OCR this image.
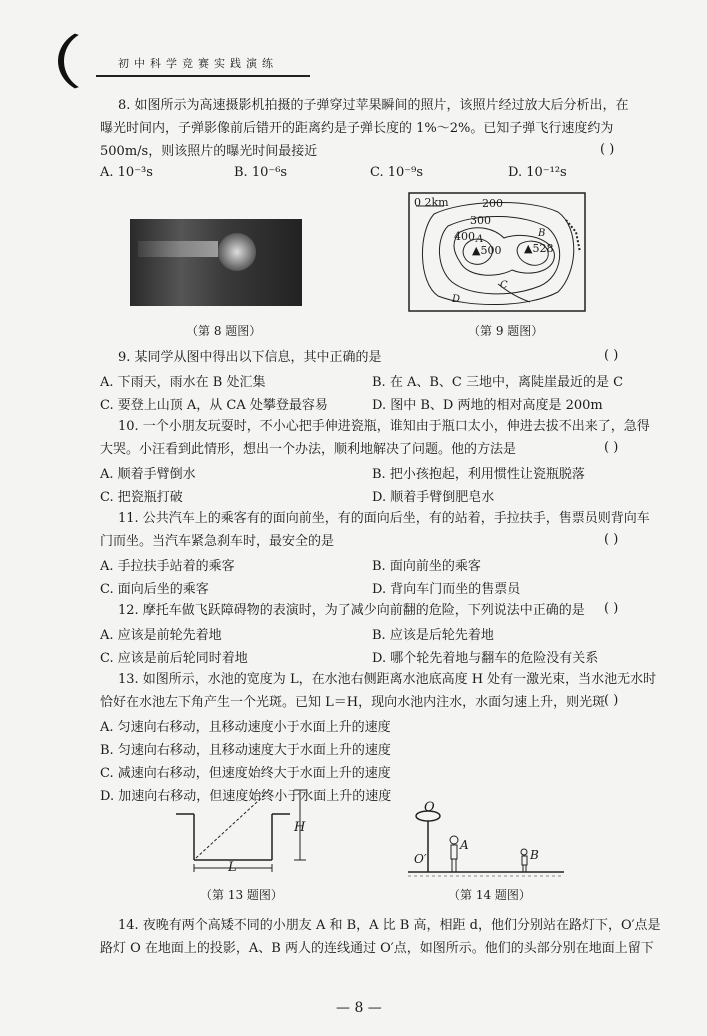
初中科学竞赛实践演练
8. 如图所示为高速摄影机拍摄的子弹穿过苹果瞬间的照片，该照片经过放大后分析出，在
曝光时间内，子弹影像前后错开的距离约是子弹长度的 1%～2%。已知子弹飞行速度约为
500m/s，则该照片的曝光时间最接近	( )
A. 10⁻³s	B. 10⁻⁶s	C. 10⁻⁹s	D. 10⁻¹²s
（第 8 题图）
0 2km	200
300
400
▲500 ▲528
A
B
C
D
（第 9 题图）
9. 某同学从图中得出以下信息，其中正确的是	( )
A. 下雨天，雨水在 B 处汇集	B. 在 A、B、C 三地中，离陡崖最近的是 C
C. 要登上山顶 A，从 CA 处攀登最容易	D. 图中 B、D 两地的相对高度是 200m
10. 一个小朋友玩耍时，不小心把手伸进瓷瓶，谁知由于瓶口太小，伸进去拔不出来了，急得
大哭。小汪看到此情形，想出一个办法，顺利地解决了问题。他的方法是	( )
A. 顺着手臂倒水	B. 把小孩抱起，利用惯性让瓷瓶脱落
C. 把瓷瓶打破	D. 顺着手臂倒肥皂水
11. 公共汽车上的乘客有的面向前坐，有的面向后坐，有的站着，手拉扶手，售票员则背向车
门而坐。当汽车紧急刹车时，最安全的是	( )
A. 手拉扶手站着的乘客	B. 面向前坐的乘客
C. 面向后坐的乘客	D. 背向车门而坐的售票员
12. 摩托车做飞跃障碍物的表演时，为了减少向前翻的危险，下列说法中正确的是	( )
A. 应该是前轮先着地	B. 应该是后轮先着地
C. 应该是前后轮同时着地	D. 哪个轮先着地与翻车的危险没有关系
13. 如图所示，水池的宽度为 L，在水池右侧距离水池底高度 H 处有一激光束，当水池无水时
恰好在水池左下角产生一个光斑。已知 L＝H，现向水池内注水，水面匀速上升，则光斑
( )
A. 匀速向右移动，且移动速度小于水面上升的速度
B. 匀速向右移动，且移动速度大于水面上升的速度
C. 减速向右移动，但速度始终大于水面上升的速度
D. 加速向右移动，但速度始终小于水面上升的速度
H
L
（第 13 题图）
O
O′
A
B
（第 14 题图）
14. 夜晚有两个高矮不同的小朋友 A 和 B，A 比 B 高，相距 d，他们分别站在路灯下，O′点是
路灯 O 在地面上的投影，A、B 两人的连线通过 O′点，如图所示。他们的头部分别在地面上留下
— 8 —
